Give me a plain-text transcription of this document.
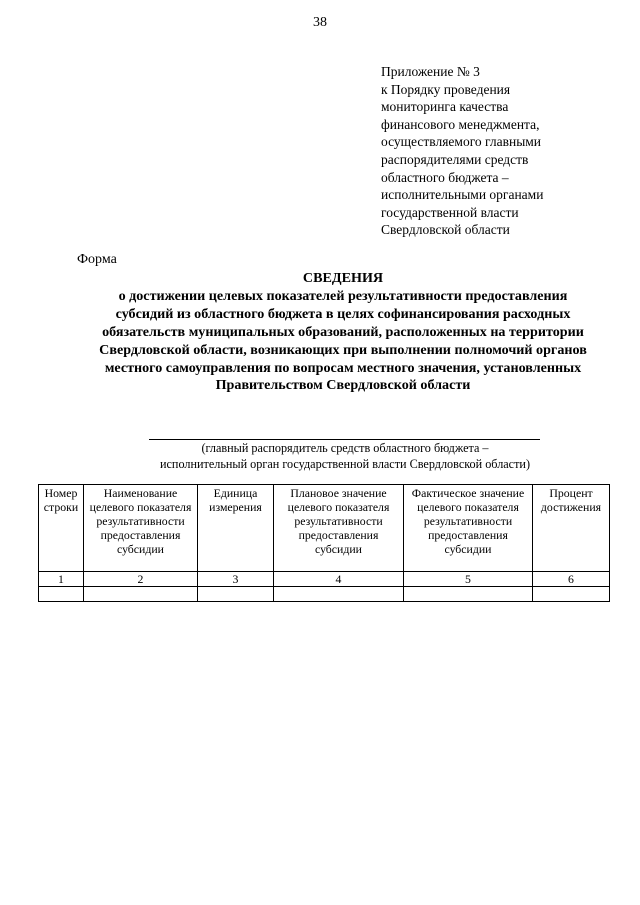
38
Приложение № 3
к Порядку проведения
мониторинга качества
финансового менеджмента,
осуществляемого главными
распорядителями средств
областного бюджета –
исполнительными органами
государственной власти
Свердловской области
Форма
СВЕДЕНИЯ
о достижении целевых показателей результативности предоставления
субсидий из областного бюджета в целях софинансирования расходных
обязательств муниципальных образований, расположенных на территории
Свердловской области, возникающих при выполнении полномочий органов
местного самоуправления по вопросам местного значения, установленных
Правительством Свердловской области
(главный распорядитель средств областного бюджета –
исполнительный орган государственной власти Свердловской области)
Номер строки	Наименование целевого показателя результативности предоставления субсидии	Единица измерения	Плановое значение целевого показателя результативности предоставления субсидии	Фактическое значение целевого показателя результативности предоставления субсидии	Процент достижения
1	2	3	4	5	6
